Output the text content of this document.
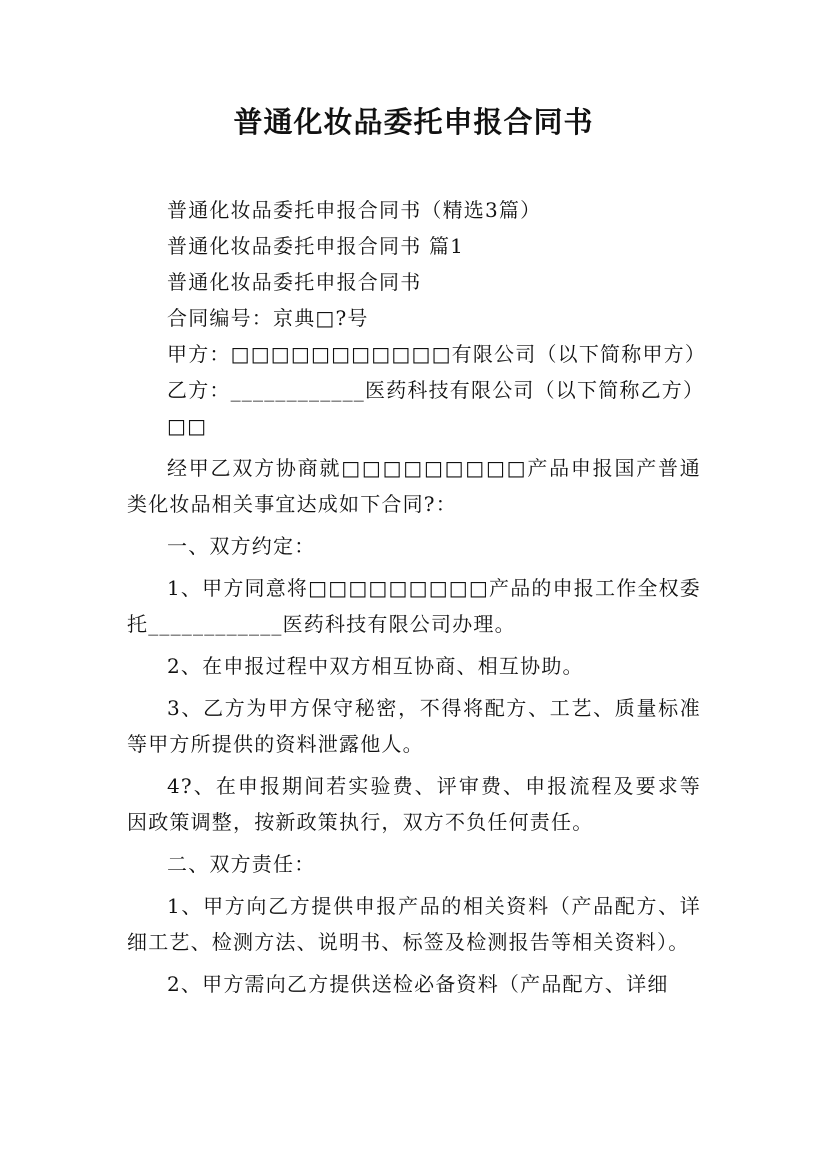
普通化妆品委托申报合同书

普通化妆品委托申报合同书（精选3篇）

普通化妆品委托申报合同书 篇1

普通化妆品委托申报合同书

合同编号：京典□?号

甲方：□□□□□□□□□□□有限公司（以下简称甲方）

乙方：____________医药科技有限公司（以下简称乙方）

□□

经甲乙双方协商就□□□□□□□□□产品申报国产普通类化妆品相关事宜达成如下合同?：

一、双方约定：

1、甲方同意将□□□□□□□□□产品的申报工作全权委托____________医药科技有限公司办理。

2、在申报过程中双方相互协商、相互协助。

3、乙方为甲方保守秘密，不得将配方、工艺、质量标准等甲方所提供的资料泄露他人。

4?、在申报期间若实验费、评审费、申报流程及要求等因政策调整，按新政策执行，双方不负任何责任。

二、双方责任：

1、甲方向乙方提供申报产品的相关资料（产品配方、详细工艺、检测方法、说明书、标签及检测报告等相关资料）。

2、甲方需向乙方提供送检必备资料（产品配方、详细
